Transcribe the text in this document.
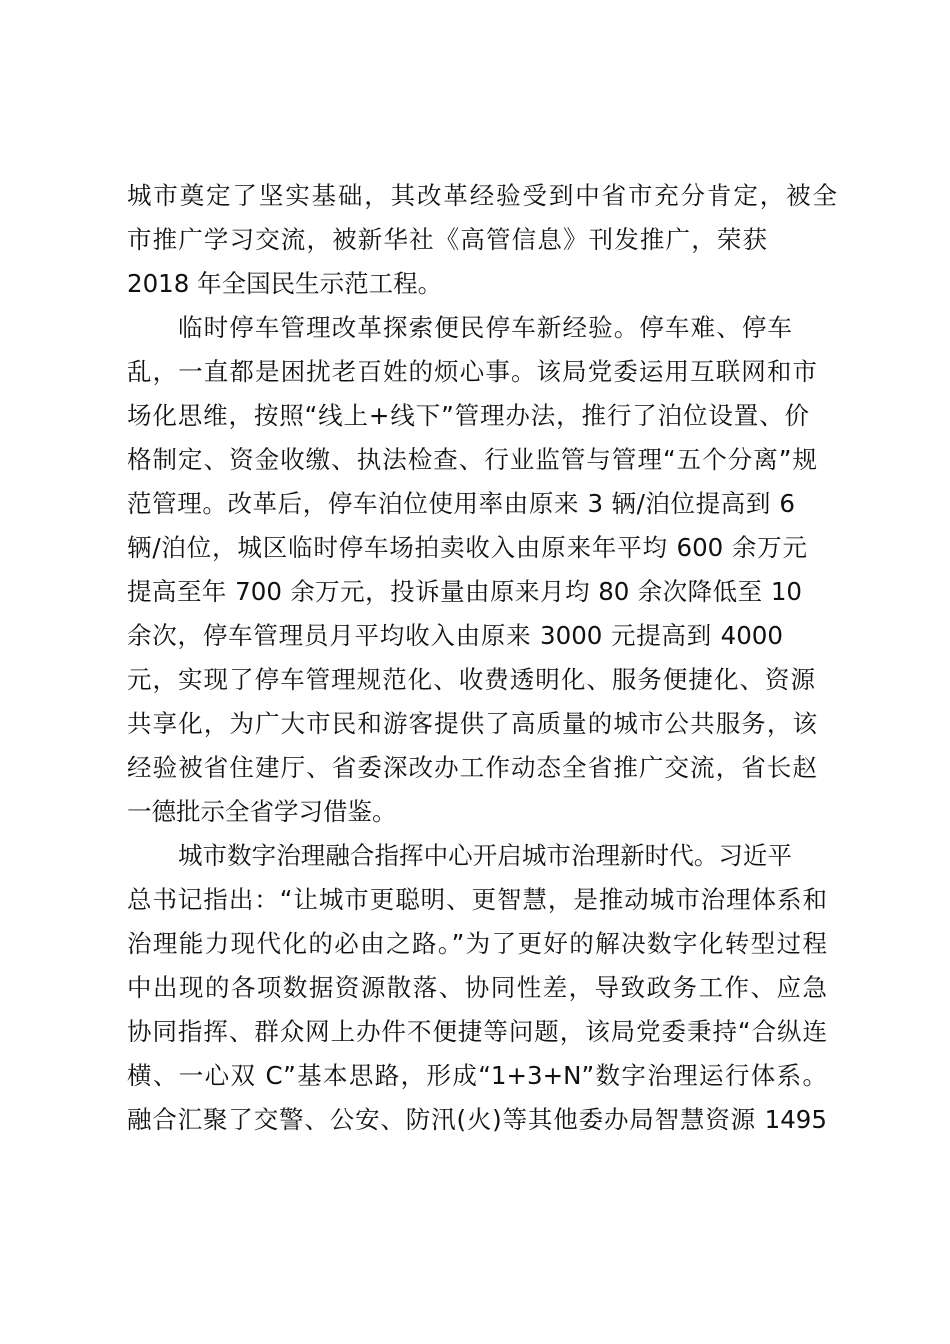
城市奠定了坚实基础，其改革经验受到中省市充分肯定，被全
市推广学习交流，被新华社《高管信息》刊发推广，荣获
2018 年全国民生示范工程。
临时停车管理改革探索便民停车新经验。停车难、停车
乱，一直都是困扰老百姓的烦心事。该局党委运用互联网和市
场化思维，按照“线上+线下”管理办法，推行了泊位设置、价
格制定、资金收缴、执法检查、行业监管与管理“五个分离”规
范管理。改革后，停车泊位使用率由原来 3 辆/泊位提高到 6
辆/泊位，城区临时停车场拍卖收入由原来年平均 600 余万元
提高至年 700 余万元，投诉量由原来月均 80 余次降低至 10
余次，停车管理员月平均收入由原来 3000 元提高到 4000
元，实现了停车管理规范化、收费透明化、服务便捷化、资源
共享化，为广大市民和游客提供了高质量的城市公共服务，该
经验被省住建厅、省委深改办工作动态全省推广交流，省长赵
一德批示全省学习借鉴。
城市数字治理融合指挥中心开启城市治理新时代。习近平
总书记指出：“让城市更聪明、更智慧，是推动城市治理体系和
治理能力现代化的必由之路。”为了更好的解决数字化转型过程
中出现的各项数据资源散落、协同性差，导致政务工作、应急
协同指挥、群众网上办件不便捷等问题，该局党委秉持“合纵连
横、一心双 C”基本思路，形成“1+3+N”数字治理运行体系。
融合汇聚了交警、公安、防汛(火)等其他委办局智慧资源 1495
